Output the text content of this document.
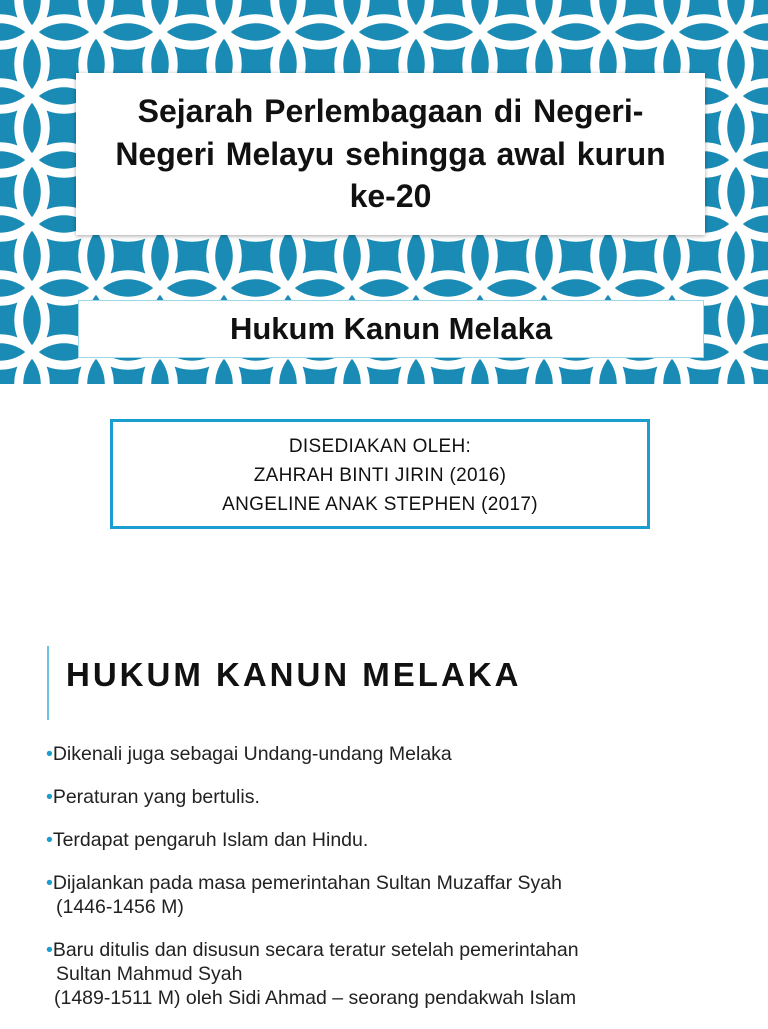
Sejarah Perlembagaan di Negeri-Negeri Melayu sehingga awal kurun ke-20
Hukum Kanun Melaka
DISEDIAKAN OLEH:
ZAHRAH BINTI JIRIN (2016)
ANGELINE ANAK STEPHEN (2017)
HUKUM KANUN MELAKA
•Dikenali juga sebagai Undang-undang Melaka
•Peraturan yang bertulis.
•Terdapat pengaruh Islam dan Hindu.
•Dijalankan pada masa pemerintahan Sultan Muzaffar Syah
(1446-1456 M)
•Baru ditulis dan disusun secara teratur setelah pemerintahan
Sultan Mahmud Syah
(1489-1511 M) oleh Sidi Ahmad – seorang pendakwah Islam
